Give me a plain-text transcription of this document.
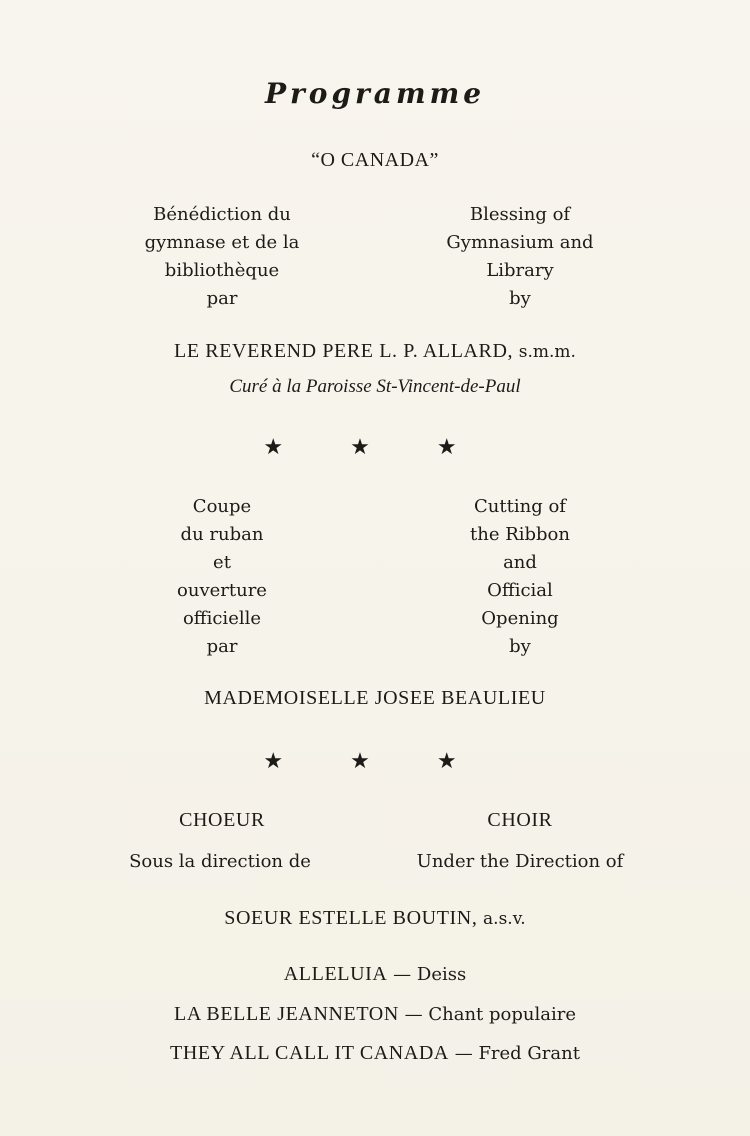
Programme
“O CANADA”
Bénédiction du
gymnase et de la
bibliothèque
par
Blessing of
Gymnasium and
Library
by
LE REVEREND PERE L. P. ALLARD, s.m.m.
Curé à la Paroisse St-Vincent-de-Paul
★ ★ ★
Coupe
du ruban
et
ouverture
officielle
par
Cutting of
the Ribbon
and
Official
Opening
by
MADEMOISELLE JOSEE BEAULIEU
★ ★ ★
CHOEUR	CHOIR
Sous la direction de	Under the Direction of
SOEUR ESTELLE BOUTIN, a.s.v.
ALLELUIA — Deiss
LA BELLE JEANNETON — Chant populaire
THEY ALL CALL IT CANADA — Fred Grant
